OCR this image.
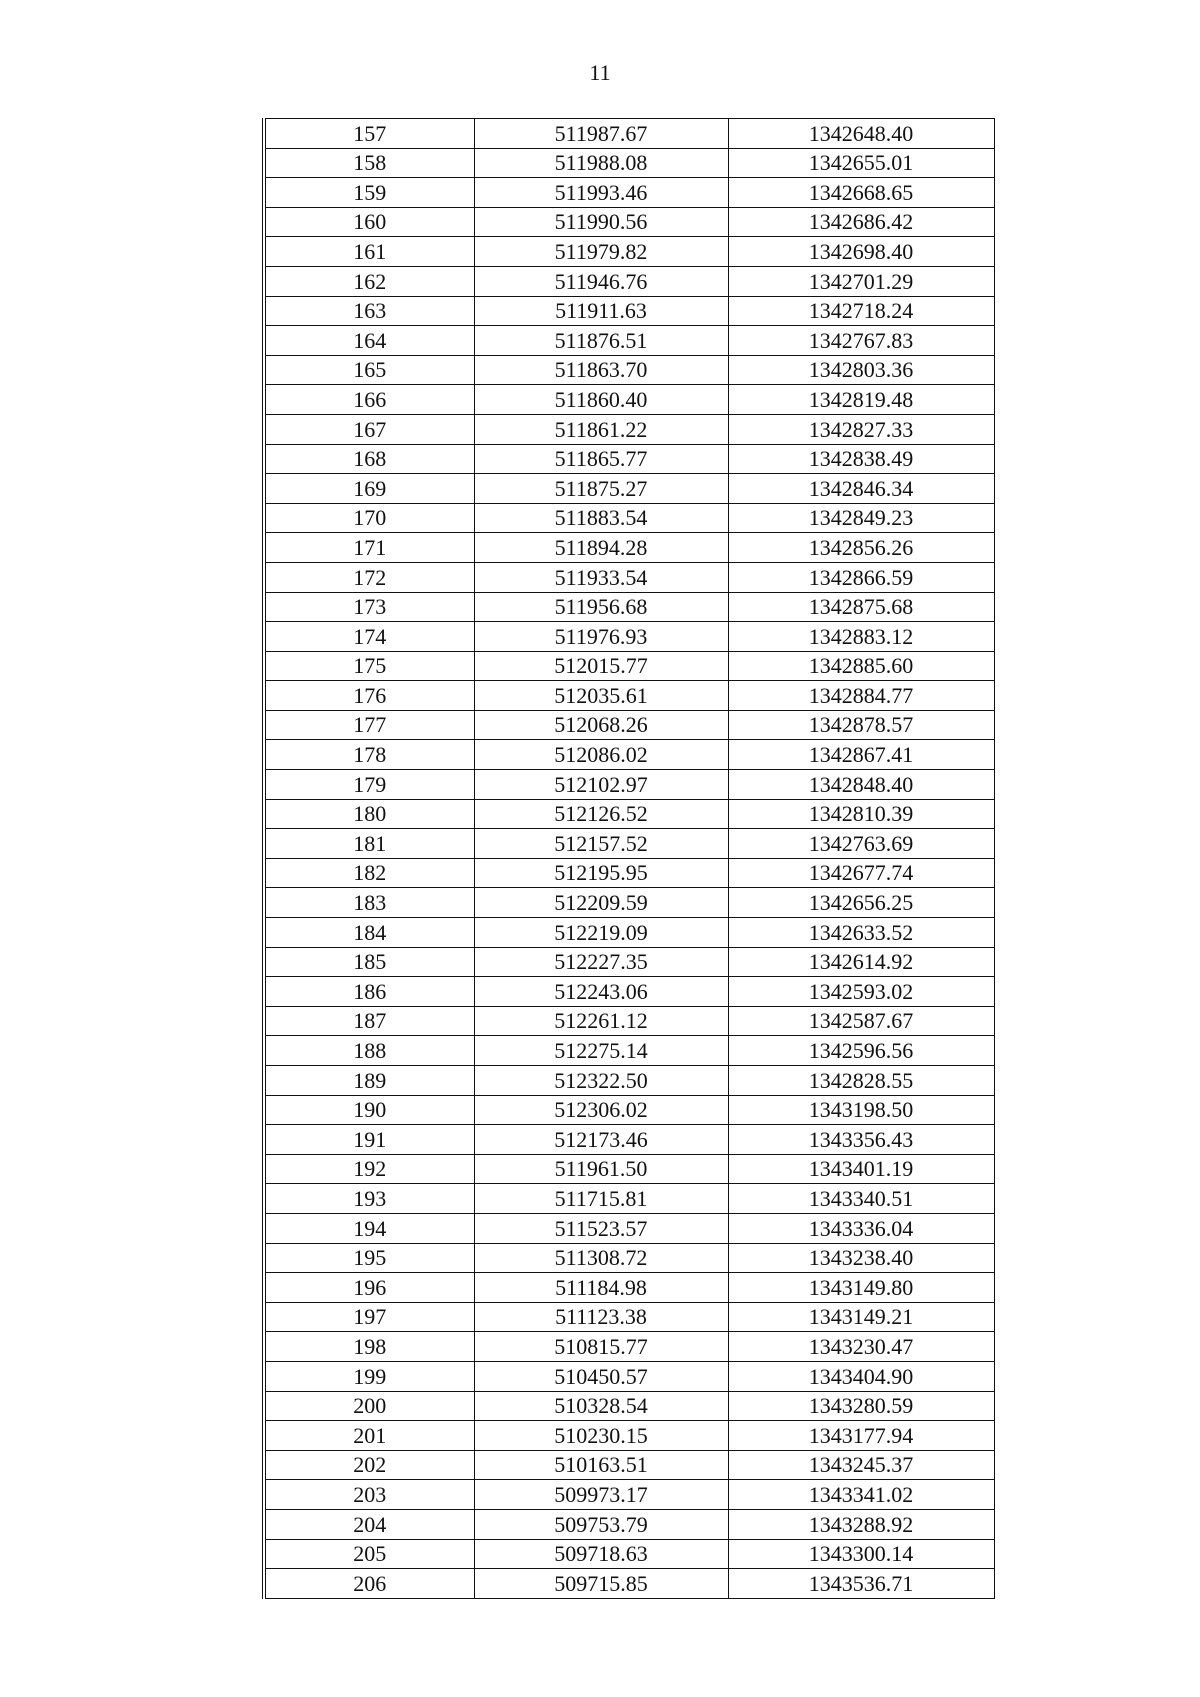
11
157	511987.67	1342648.40
158	511988.08	1342655.01
159	511993.46	1342668.65
160	511990.56	1342686.42
161	511979.82	1342698.40
162	511946.76	1342701.29
163	511911.63	1342718.24
164	511876.51	1342767.83
165	511863.70	1342803.36
166	511860.40	1342819.48
167	511861.22	1342827.33
168	511865.77	1342838.49
169	511875.27	1342846.34
170	511883.54	1342849.23
171	511894.28	1342856.26
172	511933.54	1342866.59
173	511956.68	1342875.68
174	511976.93	1342883.12
175	512015.77	1342885.60
176	512035.61	1342884.77
177	512068.26	1342878.57
178	512086.02	1342867.41
179	512102.97	1342848.40
180	512126.52	1342810.39
181	512157.52	1342763.69
182	512195.95	1342677.74
183	512209.59	1342656.25
184	512219.09	1342633.52
185	512227.35	1342614.92
186	512243.06	1342593.02
187	512261.12	1342587.67
188	512275.14	1342596.56
189	512322.50	1342828.55
190	512306.02	1343198.50
191	512173.46	1343356.43
192	511961.50	1343401.19
193	511715.81	1343340.51
194	511523.57	1343336.04
195	511308.72	1343238.40
196	511184.98	1343149.80
197	511123.38	1343149.21
198	510815.77	1343230.47
199	510450.57	1343404.90
200	510328.54	1343280.59
201	510230.15	1343177.94
202	510163.51	1343245.37
203	509973.17	1343341.02
204	509753.79	1343288.92
205	509718.63	1343300.14
206	509715.85	1343536.71
